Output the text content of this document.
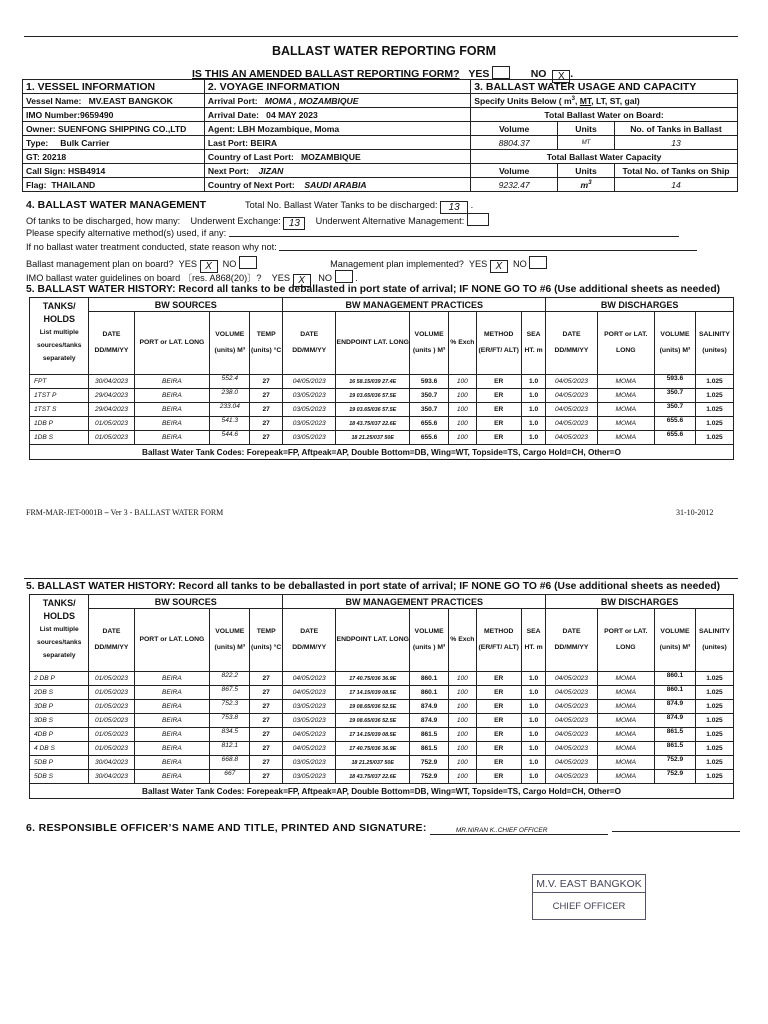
BALLAST WATER REPORTING FORM
IS THIS AN AMENDED BALLAST REPORTING FORM? YES	NO X .
1. VESSEL INFORMATION	2. VOYAGE INFORMATION	3. BALLAST WATER USAGE AND CAPACITY		
Vessel Name: MV.EAST BANGKOK	Arrival Port: MOMA , MOZAMBIQUE	Specify Units Below ( $m^3$, MT, LT, ST, gal)		
IMO Number:9659490	Arrival Date: 04 MAY 2023	Total Ballast Water on Board:		
Owner: SUENFONG SHIPPING CO.,LTD	Agent: LBH Mozambique, Moma	Volume	Units	No. of Tanks in Ballast
Type: Bulk Carrier	Last Port: BEIRA	8804.37	MT	13
GT: 20218	Country of Last Port: MOZAMBIQUE	Total Ballast Water Capacity		
Call Sign: HSB4914	Next Port: JIZAN	Volume	Units	Total No. of Tanks on Ship
Flag: THAILAND	Country of Next Port: SAUDI ARABIA	9232.47	$m^3$	14
4. BALLAST WATER MANAGEMENT	Total No. Ballast Water Tanks to be discharged: 13 .
Of tanks to be discharged, how many: Underwent Exchange: 13 Underwent Alternative Management:
Please specify alternative method(s) used, if any:
If no ballast water treatment conducted, state reason why not:
Ballast management plan on board? YES X NO	Management plan implemented? YES X NO
IMO ballast water guidelines on board 〔res. A868(20)〕? YES X NO  .
5. BALLAST WATER HISTORY: Record all tanks to be deballasted in port state of arrival; IF NONE GO TO #6 (Use additional sheets as needed)
TANKS/ HOLDS
List multiple sources/tanks separately	BW SOURCES				BW MANAGEMENT PRACTICES						BW DISCHARGES			
	DATE DD/MM/YY	PORT or LAT. LONG	VOLUME (units) M³	TEMP (units) °C	DATE DD/MM/YY	ENDPOINT LAT. LONG	VOLUME (units ) M³	% Exch	METHOD (ER/FT/ ALT)	SEA HT. m	DATE DD/MM/YY	PORT or LAT. LONG	VOLUME (units) M³	SALINITY (unites)
FPT	30/04/2023	BEIRA	552.4	27	04/05/2023	16 58.15/039 27.4E	593.6	100	ER	1.0	04/05/2023	MOMA	593.6	1.025
1TST P	29/04/2023	BEIRA	238.0	27	03/05/2023	19 03.65/036 57.5E	350.7	100	ER	1.0	04/05/2023	MOMA	350.7	1.025
1TST S	29/04/2023	BEIRA	233.04	27	03/05/2023	19 03.65/036 57.5E	350.7	100	ER	1.0	04/05/2023	MOMA	350.7	1.025
1DB P	01/05/2023	BEIRA	541.3	27	03/05/2023	18 43.75/037 22.6E	655.6	100	ER	1.0	04/05/2023	MOMA	655.6	1.025
1DB S	01/05/2023	BEIRA	544.6	27	03/05/2023	18 21.25/037 50E	655.6	100	ER	1.0	04/05/2023	MOMA	655.6	1.025
Ballast Water Tank Codes: Forepeak=FP, Aftpeak=AP, Double Bottom=DB, Wing=WT, Topside=TS, Cargo Hold=CH, Other=O														
FRM-MAR-JET-0001B – Ver 3 - BALLAST WATER FORM	31-10-2012
5. BALLAST WATER HISTORY: Record all tanks to be deballasted in port state of arrival; IF NONE GO TO #6 (Use additional sheets as needed)
TANKS/ HOLDS
List multiple sources/tanks separately	BW SOURCES				BW MANAGEMENT PRACTICES						BW DISCHARGES			
	DATE DD/MM/YY	PORT or LAT. LONG	VOLUME (units) M³	TEMP (units) °C	DATE DD/MM/YY	ENDPOINT LAT. LONG	VOLUME (units ) M³	% Exch	METHOD (ER/FT/ ALT)	SEA HT. m	DATE DD/MM/YY	PORT or LAT. LONG	VOLUME (units) M³	SALINITY (unites)
2 DB P	01/05/2023	BEIRA	822.2	27	04/05/2023	17 40.75/036 36.9E	860.1	100	ER	1.0	04/05/2023	MOMA	860.1	1.025
2DB S	01/05/2023	BEIRA	867.5	27	04/05/2023	17 14.15/039 08.5E	860.1	100	ER	1.0	04/05/2023	MOMA	860.1	1.025
3DB P	01/05/2023	BEIRA	752.3	27	03/05/2023	19 08.65/036 52.5E	874.9	100	ER	1.0	04/05/2023	MOMA	874.9	1.025
3DB S	01/05/2023	BEIRA	753.8	27	03/05/2023	19 08.65/036 52.5E	874.9	100	ER	1.0	04/05/2023	MOMA	874.9	1.025
4DB P	01/05/2023	BEIRA	834.5	27	04/05/2023	17 14.15/039 08.5E	861.5	100	ER	1.0	04/05/2023	MOMA	861.5	1.025
4 DB S	01/05/2023	BEIRA	812.1	27	04/05/2023	17 40.75/036 36.9E	861.5	100	ER	1.0	04/05/2023	MOMA	861.5	1.025
5DB P	30/04/2023	BEIRA	668.8	27	03/05/2023	18 21.25/037 50E	752.9	100	ER	1.0	04/05/2023	MOMA	752.9	1.025
5DB S	30/04/2023	BEIRA	667	27	03/05/2023	18 43.75/037 22.6E	752.9	100	ER	1.0	04/05/2023	MOMA	752.9	1.025
Ballast Water Tank Codes: Forepeak=FP, Aftpeak=AP, Double Bottom=DB, Wing=WT, Topside=TS, Cargo Hold=CH, Other=O														
6. RESPONSIBLE OFFICER’S NAME AND TITLE, PRINTED AND SIGNATURE:	MR.NIRAN K..CHIEF OFFICER
M.V. EAST BANGKOK
CHIEF OFFICER
